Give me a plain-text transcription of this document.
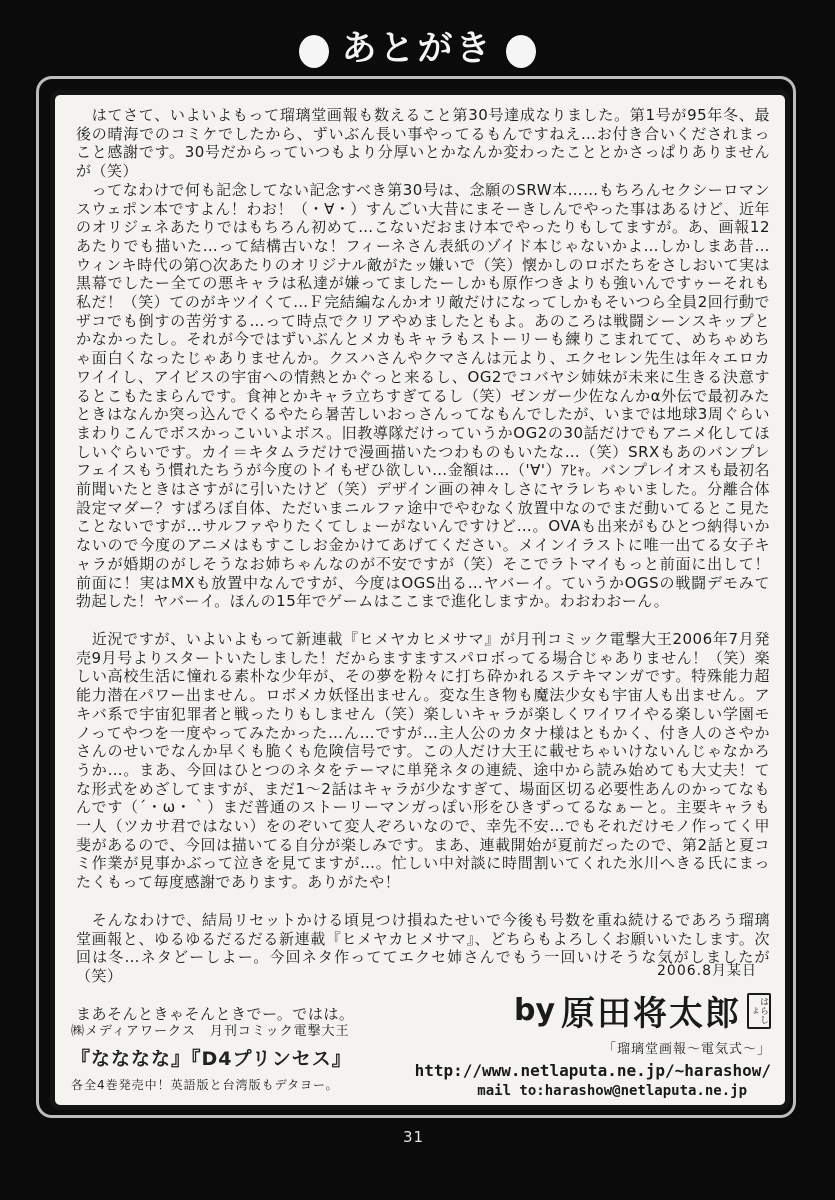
あとがき

　はてさて、いよいよもって瑠璃堂画報も数えること第30号達成なりました。第1号が95年冬、最後の晴海でのコミケでしたから、ずいぶん長い事やってるもんですねえ…お付き合いくだされまっこと感謝です。30号だからっていつもより分厚いとかなんか変わったこととかさっぱりありませんが（笑）

　ってなわけで何も記念してない記念すべき第30号は、念願のSRW本……もちろんセクシーロマンスウェポン本ですよん！わお！（・∀・）すんごい大昔にまそーきしんでやった事はあるけど、近年のオリジェネあたりではもちろん初めて…こないだおまけ本でやったりもしてますが。あ、画報12あたりでも描いた…って結構古いな！フィーネさん表紙のゾイド本じゃないかよ…しかしまあ昔…ウィンキ時代の第○次あたりのオリジナル敵がたッ嫌いで（笑）懐かしのロボたちをさしおいて実は黒幕でしたー全ての悪キャラは私達が嫌ってましたーしかも原作つきよりも強いんですゥーそれも私だ！（笑）てのがキツイくて…Ｆ完結編なんかオリ敵だけになってしかもそいつら全員2回行動でザコでも倒すの苦労する…って時点でクリアやめましたともよ。あのころは戦闘シーンスキップとかなかったし。それが今ではずいぶんとメカもキャラもストーリーも練りこまれてて、めちゃめちゃ面白くなったじゃありませんか。クスハさんやクマさんは元より、エクセレン先生は年々エロカワイイし、アイビスの宇宙への情熱とかぐっと来るし、OG2でコバヤシ姉妹が未来に生きる決意するとこもたまらんです。食神とかキャラ立ちすぎてるし（笑）ゼンガー少佐なんかα外伝で最初みたときはなんか突っ込んでくるやたら暑苦しいおっさんってなもんでしたが、いまでは地球3周ぐらいまわりこんでボスかっこいいよボス。旧教導隊だけっていうかOG2の30話だけでもアニメ化してほしいぐらいです。カイ＝キタムラだけで漫画描いたつわものもいたな…（笑）SRXもあのバンプレフェイスもう慣れたちうが今度のトイもぜひ欲しい…金額は…（'∀'）ｱﾋｬ。バンプレイオスも最初名前聞いたときはさすがに引いたけど（笑）デザイン画の神々しさにヤラレちゃいました。分離合体設定マダー？すぱろぼ自体、ただいまニルファ途中でやむなく放置中なのでまだ動いてるとこ見たことないですが…サルファやりたくてしょーがないんですけど…。OVAも出来がもひとつ納得いかないので今度のアニメはもすこしお金かけてあげてください。メインイラストに唯一出てる女子キャラが婚期のがしそうなお姉ちゃんなのが不安ですが（笑）そこでラトマイもっと前面に出して！前面に！実はMXも放置中なんですが、今度はOGS出る…ヤバーイ。ていうかOGSの戦闘デモみて勃起した！ヤバーイ。ほんの15年でゲームはここまで進化しますか。わおわおーん。

　近況ですが、いよいよもって新連載『ヒメヤカヒメサマ』が月刊コミック電撃大王2006年7月発売9月号よりスタートいたしました！だからますますスパロボってる場合じゃありません！（笑）楽しい高校生活に憧れる素朴な少年が、その夢を粉々に打ち砕かれるステキマンガです。特殊能力超能力潜在パワー出ません。ロボメカ妖怪出ません。変な生き物も魔法少女も宇宙人も出ません。アキバ系で宇宙犯罪者と戦ったりもしません（笑）楽しいキャラが楽しくワイワイやる楽しい学園モノってやつを一度やってみたかった…ん…ですが…主人公のカタナ様はともかく、付き人のさやかさんのせいでなんか早くも脆くも危険信号です。この人だけ大王に載せちゃいけないんじゃなかろうか…。まあ、今回はひとつのネタをテーマに単発ネタの連続、途中から読み始めても大丈夫！てな形式をめざしてますが、まだ1〜2話はキャラが少なすぎて、場面区切る必要性あんのかってなもんです（´・ω・｀）まだ普通のストーリーマンガっぽい形をひきずってるなぁーと。主要キャラも一人（ツカサ君ではない）をのぞいて変人ぞろいなので、幸先不安…でもそれだけモノ作ってく甲斐があるので、今回は描いてる自分が楽しみです。まあ、連載開始が夏前だったので、第2話と夏コミ作業が見事かぶって泣きを見てますが…。忙しい中対談に時間割いてくれた氷川へきる氏にまったくもって毎度感謝であります。ありがたや！

　そんなわけで、結局リセットかける頃見つけ損ねたせいで今後も号数を重ね続けるであろう瑠璃堂画報と、ゆるゆるだるだる新連載『ヒメヤカヒメサマ』、どちらもよろしくお願いいたします。次回は冬…ネタどーしよー。今回ネタ作っててエクセ姉さんでもう一回いけそうな気がしましたが（笑）

まあそんときゃそんときでー。ではは。

㈱メディアワークス　月刊コミック電撃大王
『なななな』『D4プリンセス』
各全4巻発売中！英語版と台湾版もデタヨー。
2006.8月某日
by 原田将太郎	はらしょ
「瑠璃堂画報〜電気式〜」
http://www.netlaputa.ne.jp/~harashow/
mail to:harashow@netlaputa.ne.jp
31
